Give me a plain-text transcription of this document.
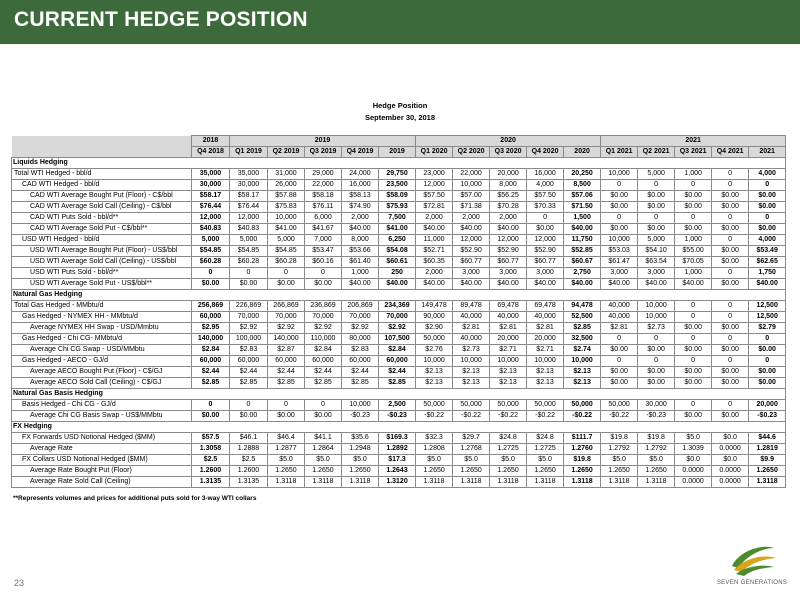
CURRENT HEDGE POSITION
Hedge Position
September 30, 2018
	2018	2019					2020					2021				
	Q4 2018	Q1 2019	Q2 2019	Q3 2019	Q4 2019	2019	Q1 2020	Q2 2020	Q3 2020	Q4 2020	2020	Q1 2021	Q2 2021	Q3 2021	Q4 2021	2021
Liquids Hedging																
Total WTI Hedged - bbl/d	35,000	35,000	31,000	29,000	24,000	29,750	23,000	22,000	20,000	16,000	20,250	10,000	5,000	1,000	0	4,000
CAD WTI Hedged - bbl/d	30,000	30,000	26,000	22,000	16,000	23,500	12,000	10,000	8,000	4,000	8,500	0	0	0	0	0
CAD WTI Average Bought Put (Floor) - C$/bbl	$58.17	$58.17	$57.88	$58.18	$58.13	$58.09	$57.50	$57.00	$56.25	$57.50	$57.06	$0.00	$0.00	$0.00	$0.00	$0.00
CAD WTI Average Sold Call (Ceiling) - C$/bbl	$76.44	$76.44	$75.83	$76.11	$74.90	$75.93	$72.81	$71.38	$70.28	$70.33	$71.50	$0.00	$0.00	$0.00	$0.00	$0.00
CAD WTI Puts Sold - bbl/d**	12,000	12,000	10,000	6,000	2,000	7,500	2,000	2,000	2,000	0	1,500	0	0	0	0	0
CAD WTI Average Sold Put - C$/bbl**	$40.83	$40.83	$41.00	$41.67	$40.00	$41.00	$40.00	$40.00	$40.00	$0.00	$40.00	$0.00	$0.00	$0.00	$0.00	$0.00
USD WTI Hedged - bbl/d	5,000	5,000	5,000	7,000	8,000	6,250	11,000	12,000	12,000	12,000	11,750	10,000	5,000	1,000	0	4,000
USD WTI Average Bought Put (Floor) - US$/bbl	$54.85	$54.85	$54.85	$53.47	$53.66	$54.08	$52.71	$52.90	$52.90	$52.90	$52.85	$53.03	$54.10	$55.00	$0.00	$53.49
USD WTI Average Sold Call (Ceiling) - US$/bbl	$60.28	$60.28	$60.28	$60.16	$61.40	$60.61	$60.35	$60.77	$60.77	$60.77	$60.67	$61.47	$63.54	$70.05	$0.00	$62.65
USD WTI Puts Sold - bbl/d**	0	0	0	0	1,000	250	2,000	3,000	3,000	3,000	2,750	3,000	3,000	1,000	0	1,750
USD WTI Average Sold Put - US$/bbl**	$0.00	$0.00	$0.00	$0.00	$40.00	$40.00	$40.00	$40.00	$40.00	$40.00	$40.00	$40.00	$40.00	$40.00	$0.00	$40.00
Natural Gas Hedging																
Total Gas Hedged - MMbtu/d	256,869	226,869	266,869	236,869	206,869	234,369	149,478	89,478	69,478	69,478	94,478	40,000	10,000	0	0	12,500
Gas Hedged - NYMEX HH - MMbtu/d	60,000	70,000	70,000	70,000	70,000	70,000	90,000	40,000	40,000	40,000	52,500	40,000	10,000	0	0	12,500
Average NYMEX HH Swap - USD/Mmbtu	$2.95	$2.92	$2.92	$2.92	$2.92	$2.92	$2.90	$2.81	$2.81	$2.81	$2.85	$2.81	$2.73	$0.00	$0.00	$2.79
Gas Hedged - Chi CG- MMbtu/d	140,000	100,000	140,000	110,000	80,000	107,500	50,000	40,000	20,000	20,000	32,500	0	0	0	0	0
Average Chi CG Swap - USD/MMbtu	$2.84	$2.83	$2.87	$2.84	$2.83	$2.84	$2.76	$2.73	$2.71	$2.71	$2.74	$0.00	$0.00	$0.00	$0.00	$0.00
Gas Hedged - AECO - GJ/d	60,000	60,000	60,000	60,000	60,000	60,000	10,000	10,000	10,000	10,000	10,000	0	0	0	0	0
Average AECO Bought Put (Floor) - C$/GJ	$2.44	$2.44	$2.44	$2.44	$2.44	$2.44	$2.13	$2.13	$2.13	$2.13	$2.13	$0.00	$0.00	$0.00	$0.00	$0.00
Average AECO Sold Call (Ceiling) - C$/GJ	$2.85	$2.85	$2.85	$2.85	$2.85	$2.85	$2.13	$2.13	$2.13	$2.13	$2.13	$0.00	$0.00	$0.00	$0.00	$0.00
Natural Gas Basis Hedging																
Basis Hedged - Chi CG - GJ/d	0	0	0	0	10,000	2,500	50,000	50,000	50,000	50,000	50,000	50,000	30,000	0	0	20,000
Average Chi CG Basis Swap - US$/MMbtu	$0.00	$0.00	$0.00	$0.00	-$0.23	-$0.23	-$0.22	-$0.22	-$0.22	-$0.22	-$0.22	-$0.22	-$0.23	$0.00	$0.00	-$0.23
FX Hedging																
FX Forwards USD Notional Hedged ($MM)	$57.5	$46.1	$46.4	$41.1	$35.6	$169.3	$32.3	$29.7	$24.8	$24.8	$111.7	$19.8	$19.8	$5.0	$0.0	$44.6
Average Rate	1.3058	1.2888	1.2877	1.2864	1.2948	1.2892	1.2808	1.2768	1.2725	1.2725	1.2760	1.2792	1.2792	1.3039	0.0000	1.2819
FX Collars USD Notional Hedged ($MM)	$2.5	$2.5	$5.0	$5.0	$5.0	$17.3	$5.0	$5.0	$5.0	$5.0	$19.8	$5.0	$5.0	$0.0	$0.0	$9.9
Average Rate Bought Put (Floor)	1.2600	1.2600	1.2650	1.2650	1.2650	1.2643	1.2650	1.2650	1.2650	1.2650	1.2650	1.2650	1.2650	0.0000	0.0000	1.2650
Average Rate Sold Call (Ceiling)	1.3135	1.3135	1.3118	1.3118	1.3118	1.3120	1.3118	1.3118	1.3118	1.3118	1.3118	1.3118	1.3118	0.0000	0.0000	1.3118
**Represents volumes and prices for additional puts sold for 3-way WTI collars
23	SEVEN GENERATIONS
